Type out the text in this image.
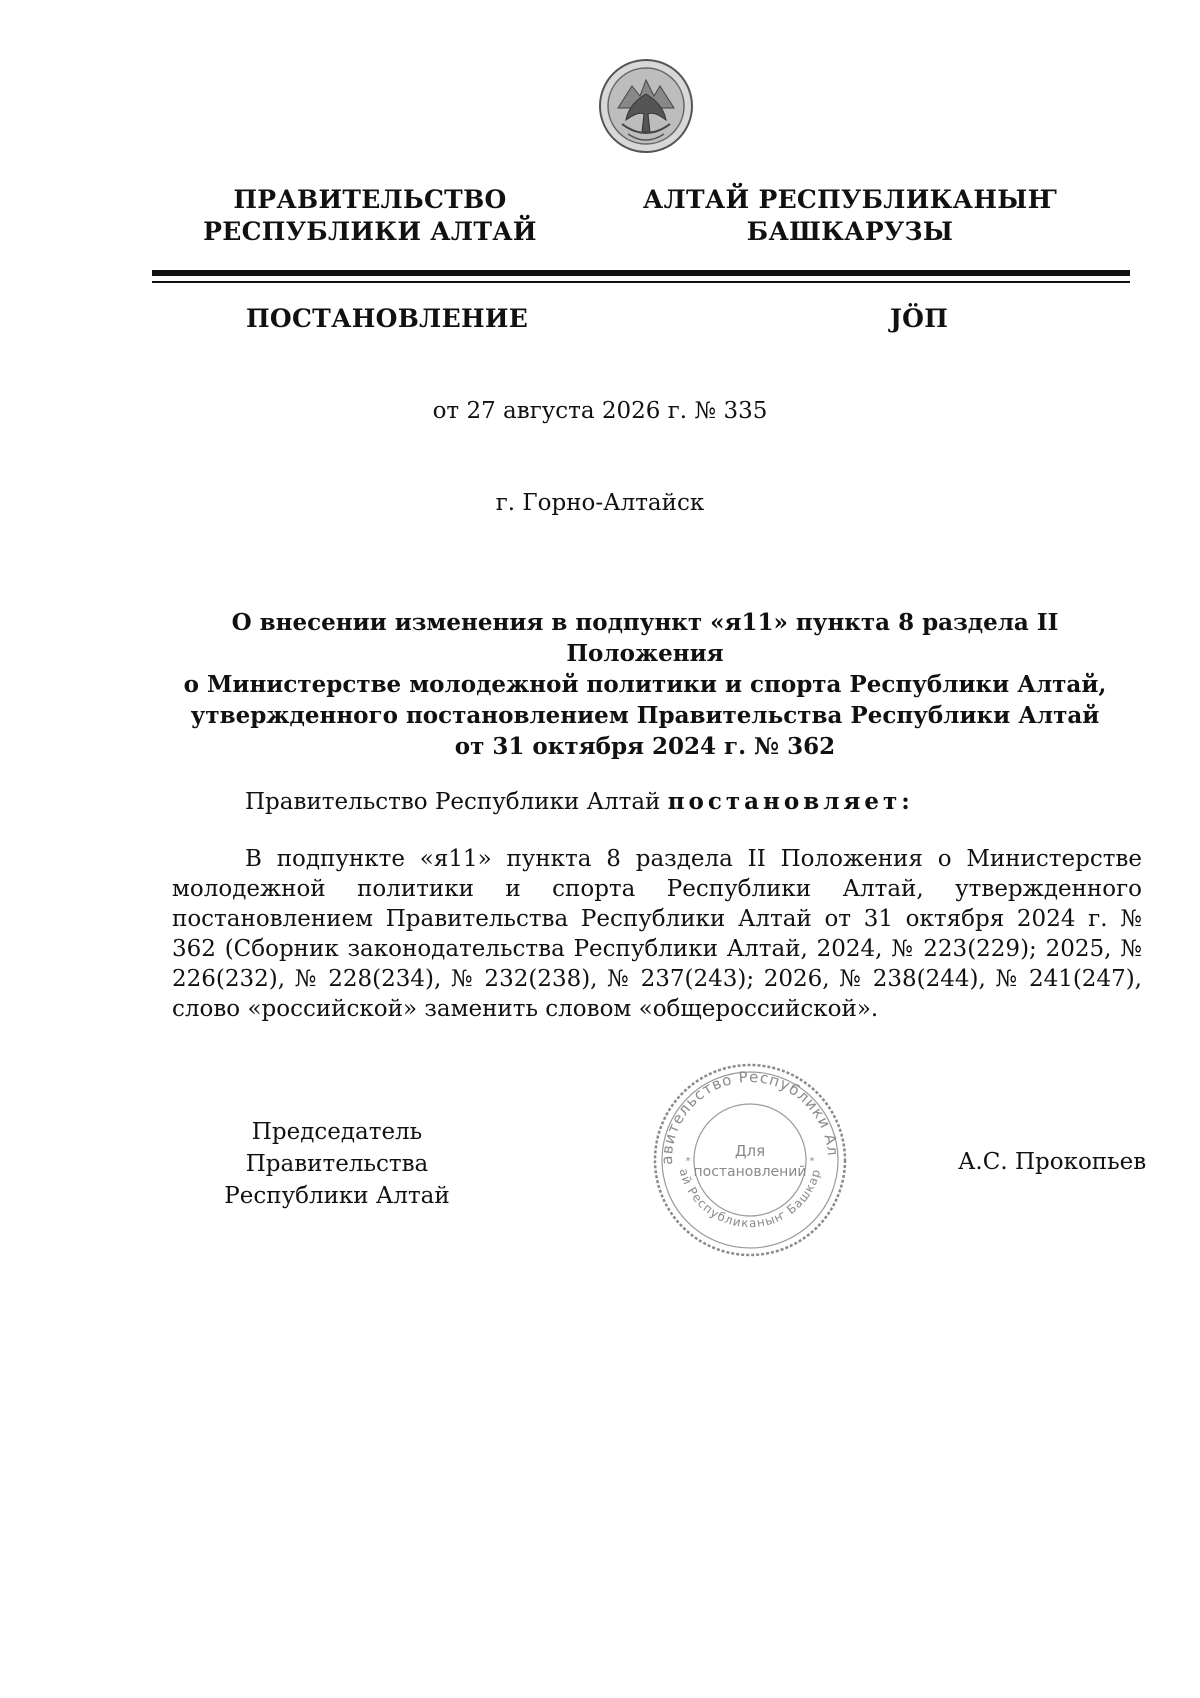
ПРАВИТЕЛЬСТВО
РЕСПУБЛИКИ АЛТАЙ
АЛТАЙ РЕСПУБЛИКАНЫҤ
БАШКАРУЗЫ
ПОСТАНОВЛЕНИЕ	JӦП
от 27 августа 2026 г. № 335
г. Горно-Алтайск
О внесении изменения в подпункт «я11» пункта 8 раздела II Положения
о Министерстве молодежной политики и спорта Республики Алтай,
утвержденного постановлением Правительства Республики Алтай
от 31 октября 2024 г. № 362
Правительство Республики Алтай постановляет:
В подпункте «я11» пункта 8 раздела II Положения о Министерстве молодежной политики и спорта Республики Алтай, утвержденного постановлением Правительства Республики Алтай от 31 октября 2024 г. № 362 (Сборник законодательства Республики Алтай, 2024, № 223(229); 2025, № 226(232), № 228(234), № 232(238), № 237(243); 2026, № 238(244), № 241(247), слово «российской» заменить словом «общероссийской».
Председатель Правительства
Республики Алтай
авительство Республики Ал
ай Республиканыҥ Башкар
Для
постановлений
*	*	А.С. Прокопьев
